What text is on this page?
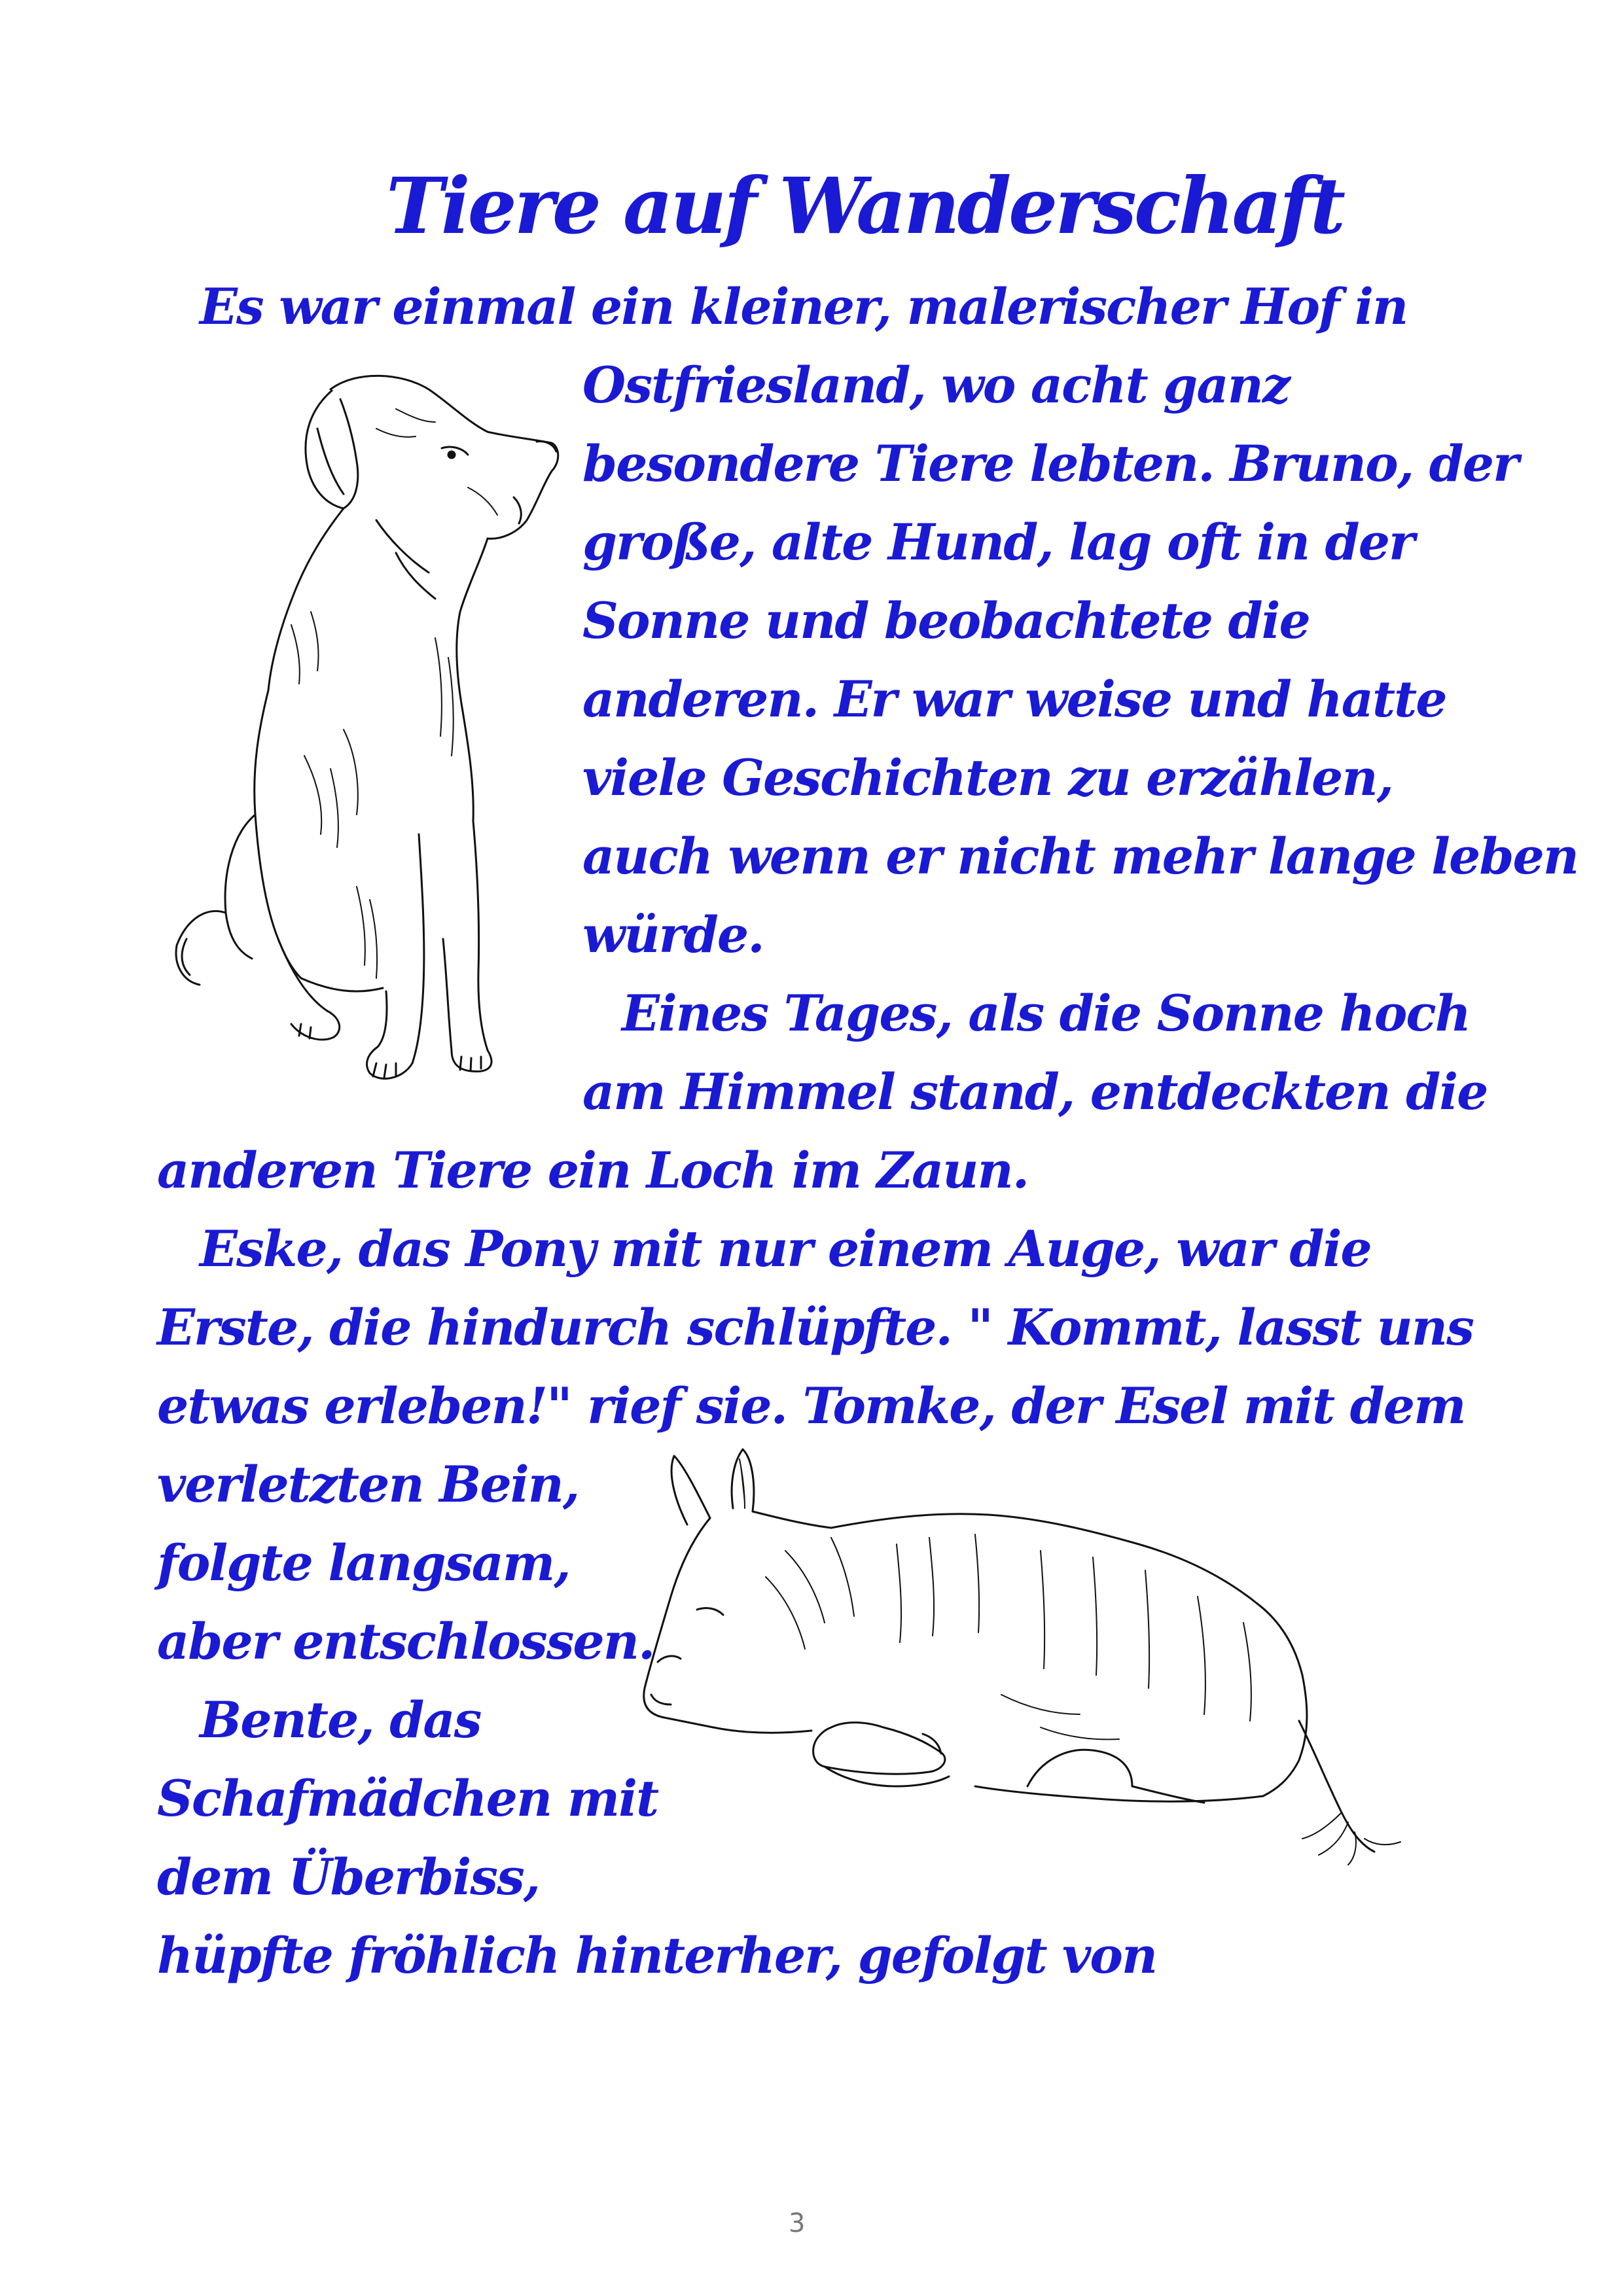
Tiere auf Wanderschaft
Es war einmal ein kleiner, malerischer Hof in
Ostfriesland, wo acht ganz
besondere Tiere lebten. Bruno, der
große, alte Hund, lag oft in der
Sonne und beobachtete die
anderen. Er war weise und hatte
viele Geschichten zu erzählen,
auch wenn er nicht mehr lange leben
würde.
Eines Tages, als die Sonne hoch
am Himmel stand, entdeckten die
anderen Tiere ein Loch im Zaun.
Eske, das Pony mit nur einem Auge, war die
Erste, die hindurch schlüpfte. " Kommt, lasst uns
etwas erleben!" rief sie. Tomke, der Esel mit dem
verletzten Bein,
folgte langsam,
aber entschlossen.
Bente, das
Schafmädchen mit
dem Überbiss,
hüpfte fröhlich hinterher, gefolgt von
3
